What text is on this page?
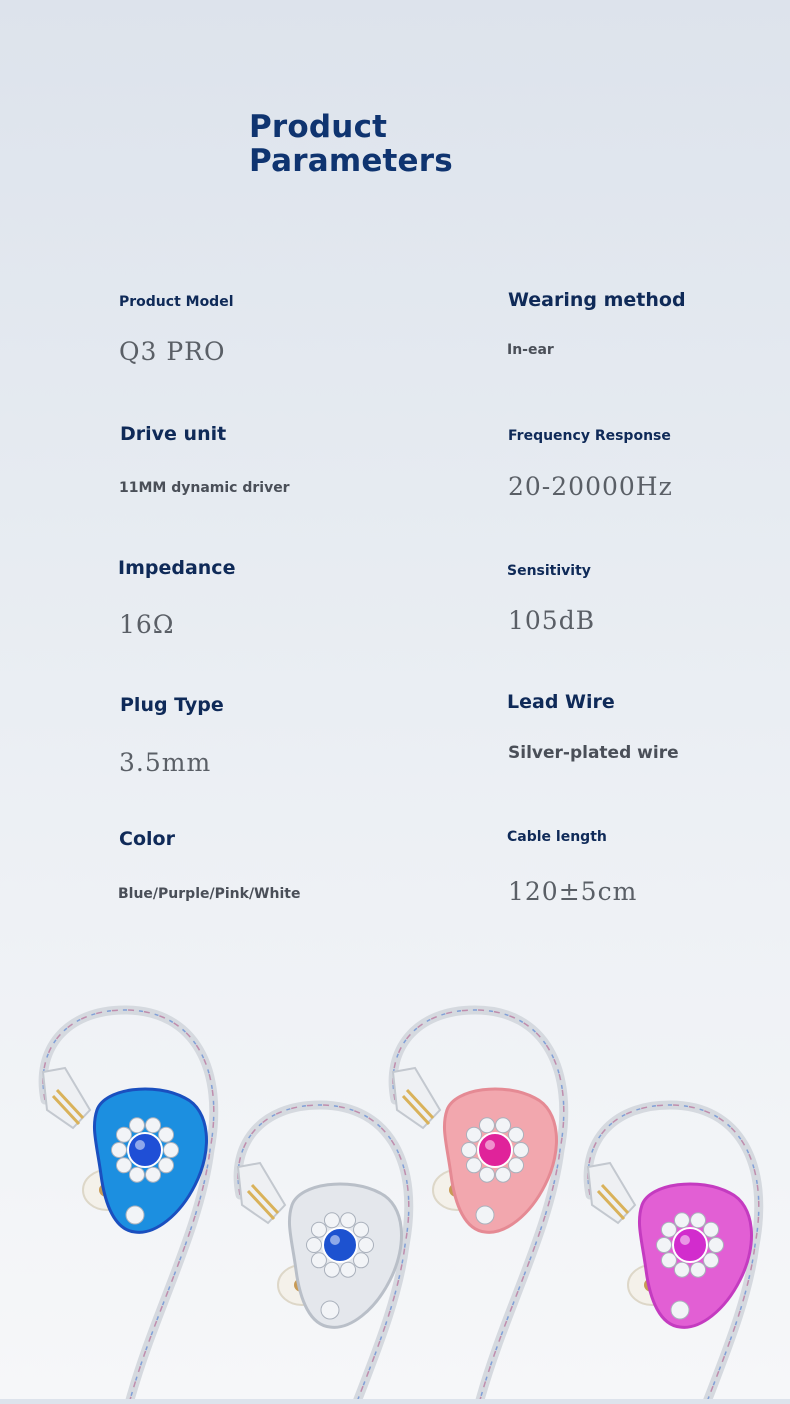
Product
Parameters
Product Model
Q3 PRO
Drive unit
11MM dynamic driver
Impedance
16Ω
Plug Type
3.5mm
Color
Blue/Purple/Pink/White
Wearing method
In-ear
Frequency Response
20-20000Hz
Sensitivity
105dB
Lead Wire
Silver-plated wire
Cable length
120±5cm
